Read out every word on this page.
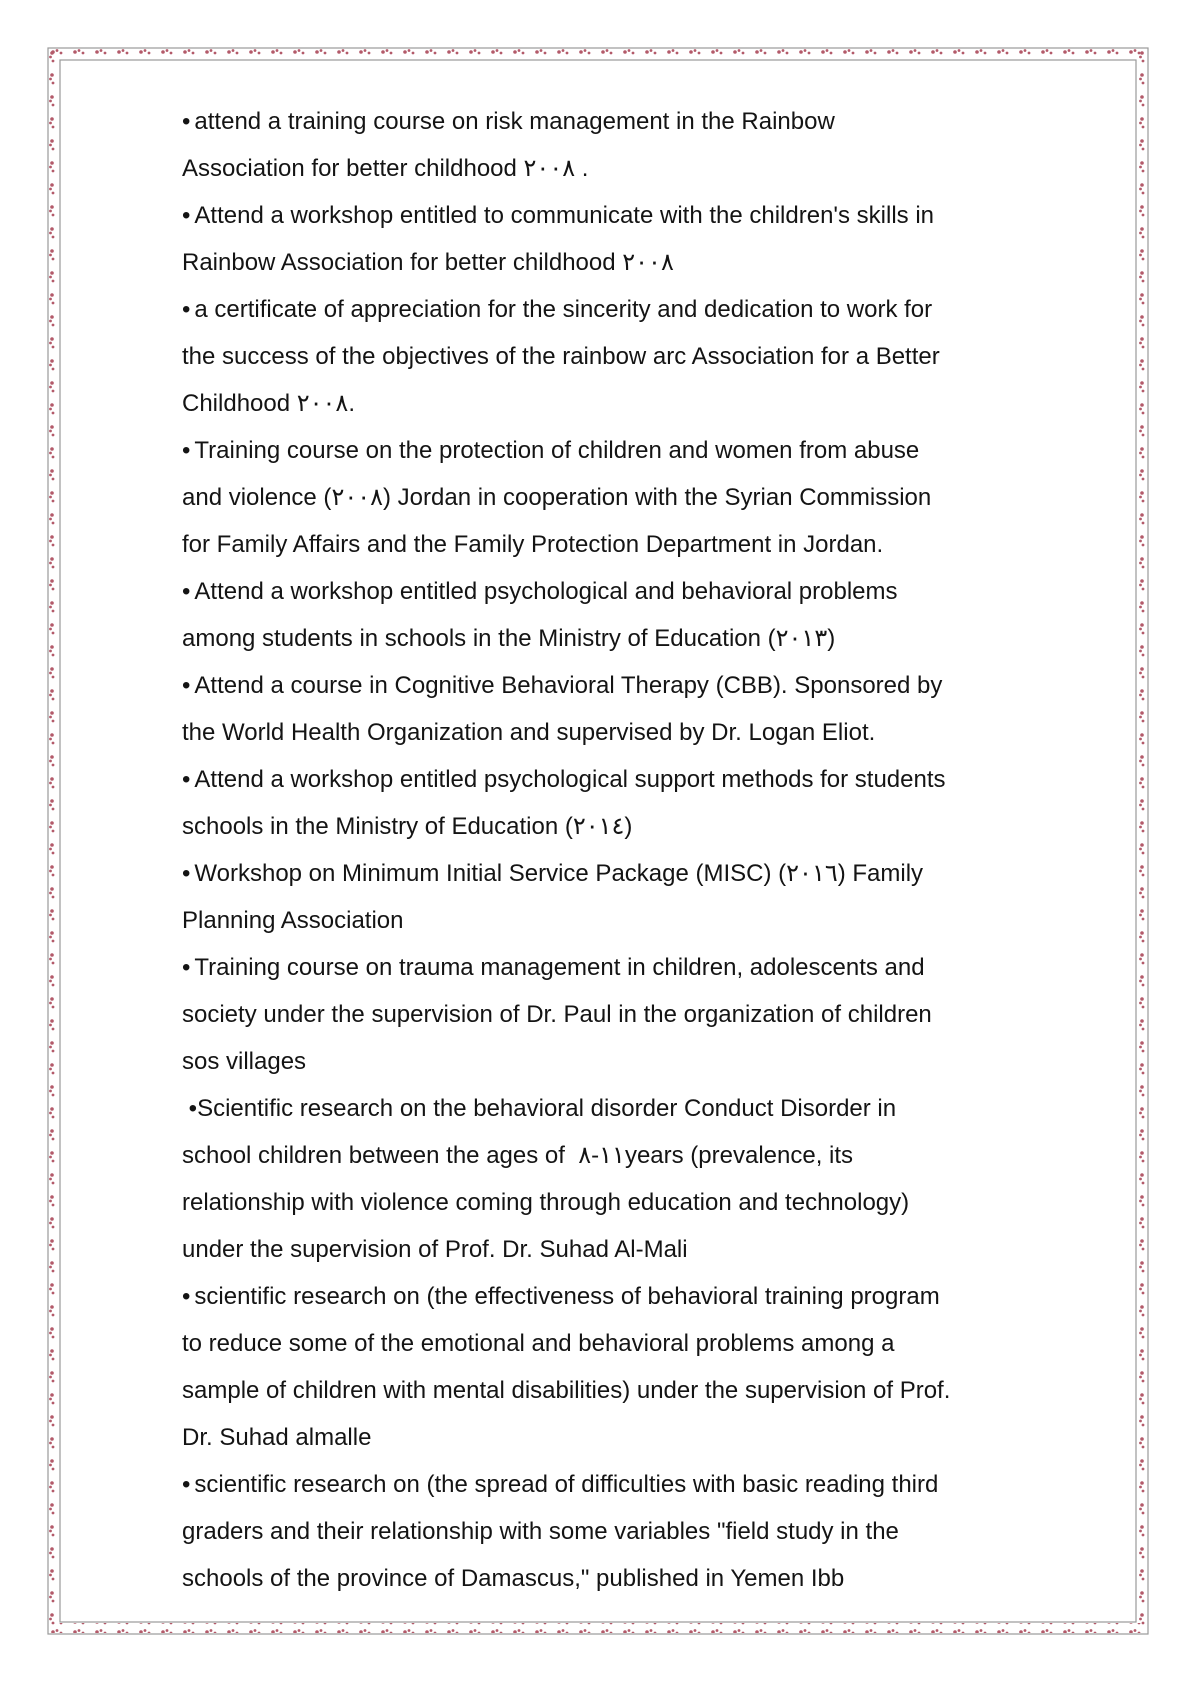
• attend a training course on risk management in the Rainbow
Association for better childhood ٢٠٠٨ .
• Attend a workshop entitled to communicate with the children's skills in
Rainbow Association for better childhood ٢٠٠٨
• a certificate of appreciation for the sincerity and dedication to work for
the success of the objectives of the rainbow arc Association for a Better
Childhood ٢٠٠٨.
• Training course on the protection of children and women from abuse
and violence (٢٠٠٨) Jordan in cooperation with the Syrian Commission
for Family Affairs and the Family Protection Department in Jordan.
• Attend a workshop entitled psychological and behavioral problems
among students in schools in the Ministry of Education (٢٠١٣)
• Attend a course in Cognitive Behavioral Therapy (CBB). Sponsored by
the World Health Organization and supervised by Dr. Logan Eliot.
• Attend a workshop entitled psychological support methods for students
schools in the Ministry of Education (٢٠١٤)
• Workshop on Minimum Initial Service Package (MISC) (٢٠١٦) Family
Planning Association
• Training course on trauma management in children, adolescents and
society under the supervision of Dr. Paul in the organization of children
sos villages
•Scientific research on the behavioral disorder Conduct Disorder in
school children between the ages of  ١١-٨years (prevalence, its
relationship with violence coming through education and technology)
under the supervision of Prof. Dr. Suhad Al-Mali
• scientific research on (the effectiveness of behavioral training program
to reduce some of the emotional and behavioral problems among a
sample of children with mental disabilities) under the supervision of Prof.
Dr. Suhad almalle
• scientific research on (the spread of difficulties with basic reading third
graders and their relationship with some variables "field study in the
schools of the province of Damascus," published in Yemen Ibb
